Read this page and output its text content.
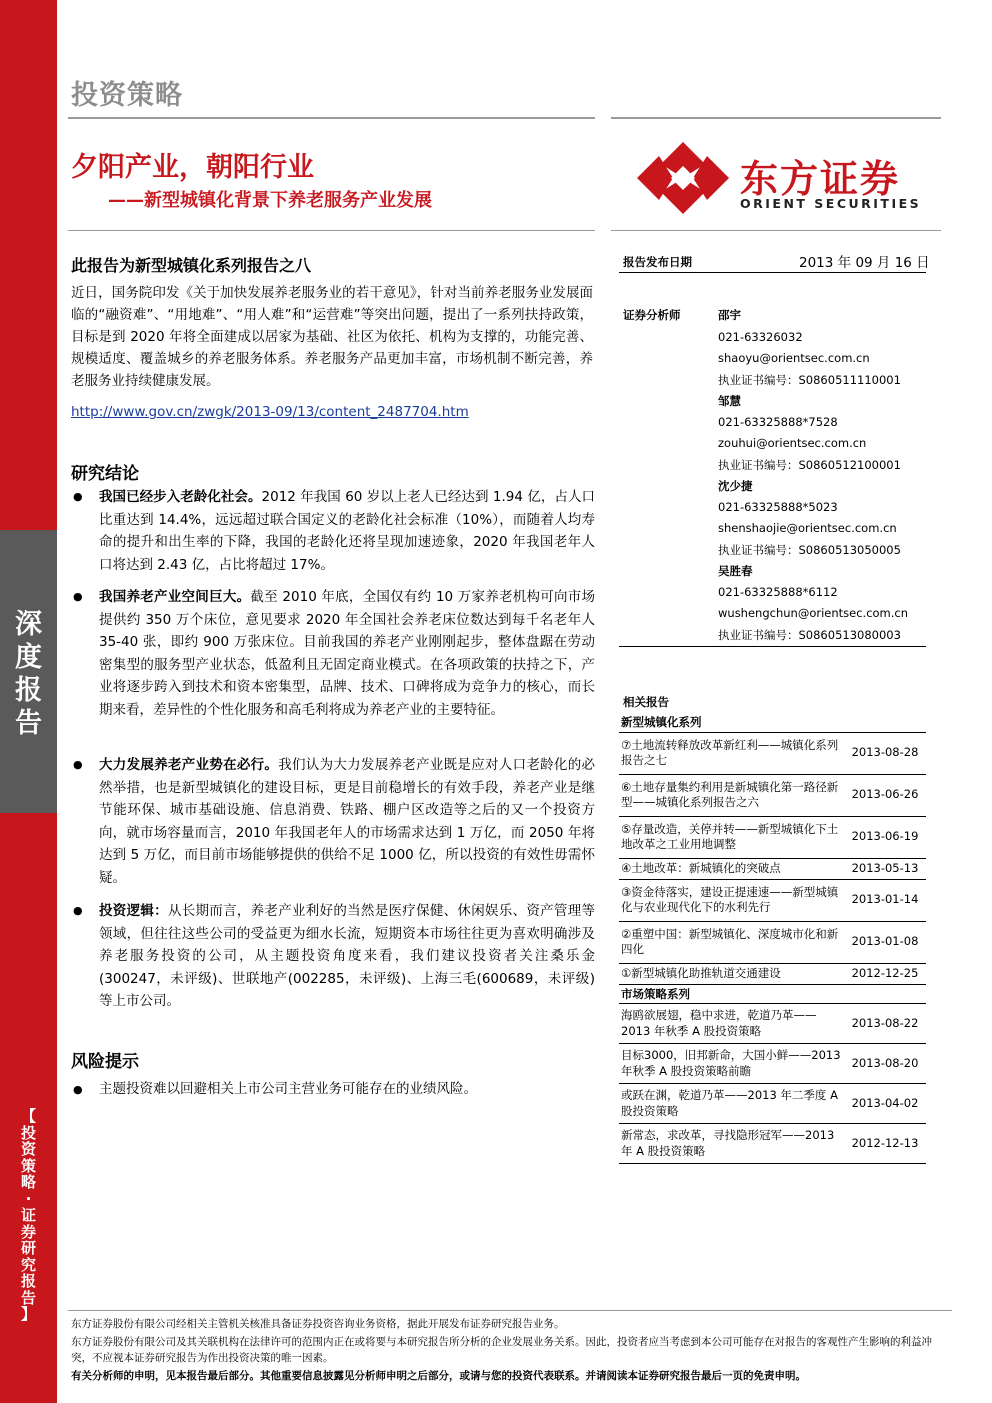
深
度
报
告
【
投
资
策
略
·
证
券
研
究
报
告
】
投资策略
夕阳产业，朝阳行业
——新型城镇化背景下养老服务产业发展	东方证券
ORIENT SECURITIES
此报告为新型城镇化系列报告之八
近日，国务院印发《关于加快发展养老服务业的若干意见》，针对当前养老服务业发展面临的“融资难”、“用地难”、“用人难”和“运营难”等突出问题，提出了一系列扶持政策，目标是到 2020 年将全面建成以居家为基础、社区为依托、机构为支撑的，功能完善、规模适度、覆盖城乡的养老服务体系。养老服务产品更加丰富，市场机制不断完善，养老服务业持续健康发展。
http://www.gov.cn/zwgk/2013-09/13/content_2487704.htm
研究结论
● 我国已经步入老龄化社会。2012 年我国 60 岁以上老人已经达到 1.94 亿，占人口比重达到 14.4%，远远超过联合国定义的老龄化社会标准（10%），而随着人均寿命的提升和出生率的下降，我国的老龄化还将呈现加速迹象，2020 年我国老年人口将达到 2.43 亿，占比将超过 17%。
● 我国养老产业空间巨大。截至 2010 年底，全国仅有约 10 万家养老机构可向市场提供约 350 万个床位，意见要求 2020 年全国社会养老床位数达到每千名老年人 35-40 张，即约 900 万张床位。目前我国的养老产业刚刚起步，整体盘踞在劳动密集型的服务型产业状态，低盈利且无固定商业模式。在各项政策的扶持之下，产业将逐步跨入到技术和资本密集型，品牌、技术、口碑将成为竞争力的核心，而长期来看，差异性的个性化服务和高毛利将成为养老产业的主要特征。
● 大力发展养老产业势在必行。我们认为大力发展养老产业既是应对人口老龄化的必然举措，也是新型城镇化的建设目标，更是目前稳增长的有效手段，养老产业是继节能环保、城市基础设施、信息消费、铁路、棚户区改造等之后的又一个投资方向，就市场容量而言，2010 年我国老年人的市场需求达到 1 万亿，而 2050 年将达到 5 万亿，而目前市场能够提供的供给不足 1000 亿，所以投资的有效性毋需怀疑。
● 投资逻辑：从长期而言，养老产业利好的当然是医疗保健、休闲娱乐、资产管理等领域，但往往这些公司的受益更为细水长流，短期资本市场往往更为喜欢明确涉及养老服务投资的公司，从主题投资角度来看，我们建议投资者关注桑乐金(300247，未评级)、世联地产(002285，未评级)、上海三毛(600689，未评级)等上市公司。
风险提示
● 主题投资难以回避相关上市公司主营业务可能存在的业绩风险。
报告发布日期	2013 年 09 月 16 日
证券分析师	邵宇
021-63326032
shaoyu@orientsec.com.cn
执业证书编号：S0860511110001
邹慧
021-63325888*7528
zouhui@orientsec.com.cn
执业证书编号：S0860512100001
沈少捷
021-63325888*5023
shenshaojie@orientsec.com.cn
执业证书编号：S0860513050005
吴胜春
021-63325888*6112
wushengchun@orientsec.com.cn
执业证书编号：S0860513080003
相关报告
新型城镇化系列	
⑦土地流转释放改革新红利——城镇化系列报告之七	2013-08-28
⑥土地存量集约利用是新城镇化第一路径新型——城镇化系列报告之六	2013-06-26
⑤存量改造，关停并转——新型城镇化下土地改革之工业用地调整	2013-06-19
④土地改革：新城镇化的突破点	2013-05-13
③资金待落实，建设正提速速——新型城镇化与农业现代化下的水利先行	2013-01-14
②重塑中国：新型城镇化、深度城市化和新四化	2013-01-08
①新型城镇化助推轨道交通建设	2012-12-25
市场策略系列	
海鸥欲展翅，稳中求进，乾道乃革——2013 年秋季 A 股投资策略	2013-08-22
目标3000，旧邦新命，大国小鲜——2013 年秋季 A 股投资策略前瞻	2013-08-20
或跃在渊，乾道乃革——2013 年二季度 A 股投资策略	2013-04-02
新常态，求改革，寻找隐形冠军——2013 年 A 股投资策略	2012-12-13
东方证券股份有限公司经相关主管机关核准具备证券投资咨询业务资格，据此开展发布证券研究报告业务。
东方证券股份有限公司及其关联机构在法律许可的范围内正在或将要与本研究报告所分析的企业发展业务关系。因此，投资者应当考虑到本公司可能存在对报告的客观性产生影响的利益冲突，不应视本证券研究报告为作出投资决策的唯一因素。
有关分析师的申明，见本报告最后部分。其他重要信息披露见分析师申明之后部分，或请与您的投资代表联系。并请阅读本证券研究报告最后一页的免责申明。
